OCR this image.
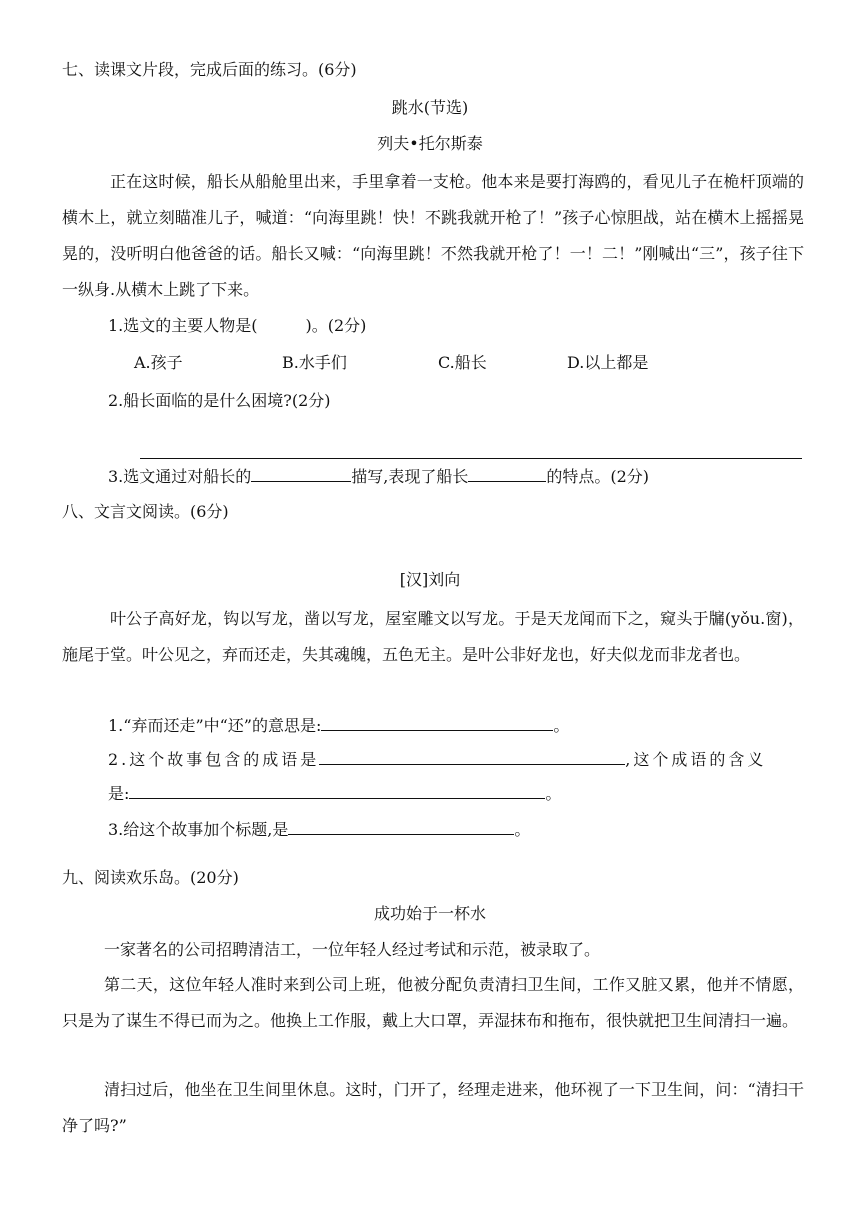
七、读课文片段，完成后面的练习。(6分)
跳水(节选)
列夫•托尔斯泰
正在这时候，船长从船舱里出来，手里拿着一支枪。他本来是要打海鸥的，看见儿子在桅杆顶端的横木上，就立刻瞄准儿子，喊道：“向海里跳！快！不跳我就开枪了！”孩子心惊胆战，站在横木上摇摇晃晃的，没听明白他爸爸的话。船长又喊：“向海里跳！不然我就开枪了！一！二！”刚喊出“三”，孩子往下一纵身.从横木上跳了下来。
1.选文的主要人物是(　　　)。(2分)
A.孩子	B.水手们	C.船长	D.以上都是
2.船长面临的是什么困境?(2分)
3.选文通过对船长的	描写,表现了船长	的特点。(2分)
八、文言文阅读。(6分)
[汉]刘向
叶公子高好龙，钩以写龙，凿以写龙，屋室雕文以写龙。于是天龙闻而下之，窥头于牖(yǒu.窗)，施尾于堂。叶公见之，弃而还走，失其魂魄，五色无主。是叶公非好龙也，好夫似龙而非龙者也。
1.“弃而还走”中“还”的意思是:	。
2.这个故事包含的成语是	,这个成语的含义
是:	。
3.给这个故事加个标题,是	。
九、阅读欢乐岛。(20分)
成功始于一杯水
一家著名的公司招聘清洁工，一位年轻人经过考试和示范，被录取了。
第二天，这位年轻人准时来到公司上班，他被分配负责清扫卫生间，工作又脏又累，他并不情愿，只是为了谋生不得已而为之。他换上工作服，戴上大口罩，弄湿抹布和拖布，很快就把卫生间清扫一遍。
清扫过后，他坐在卫生间里休息。这时，门开了，经理走进来，他环视了一下卫生间，问：“清扫干净了吗?”
